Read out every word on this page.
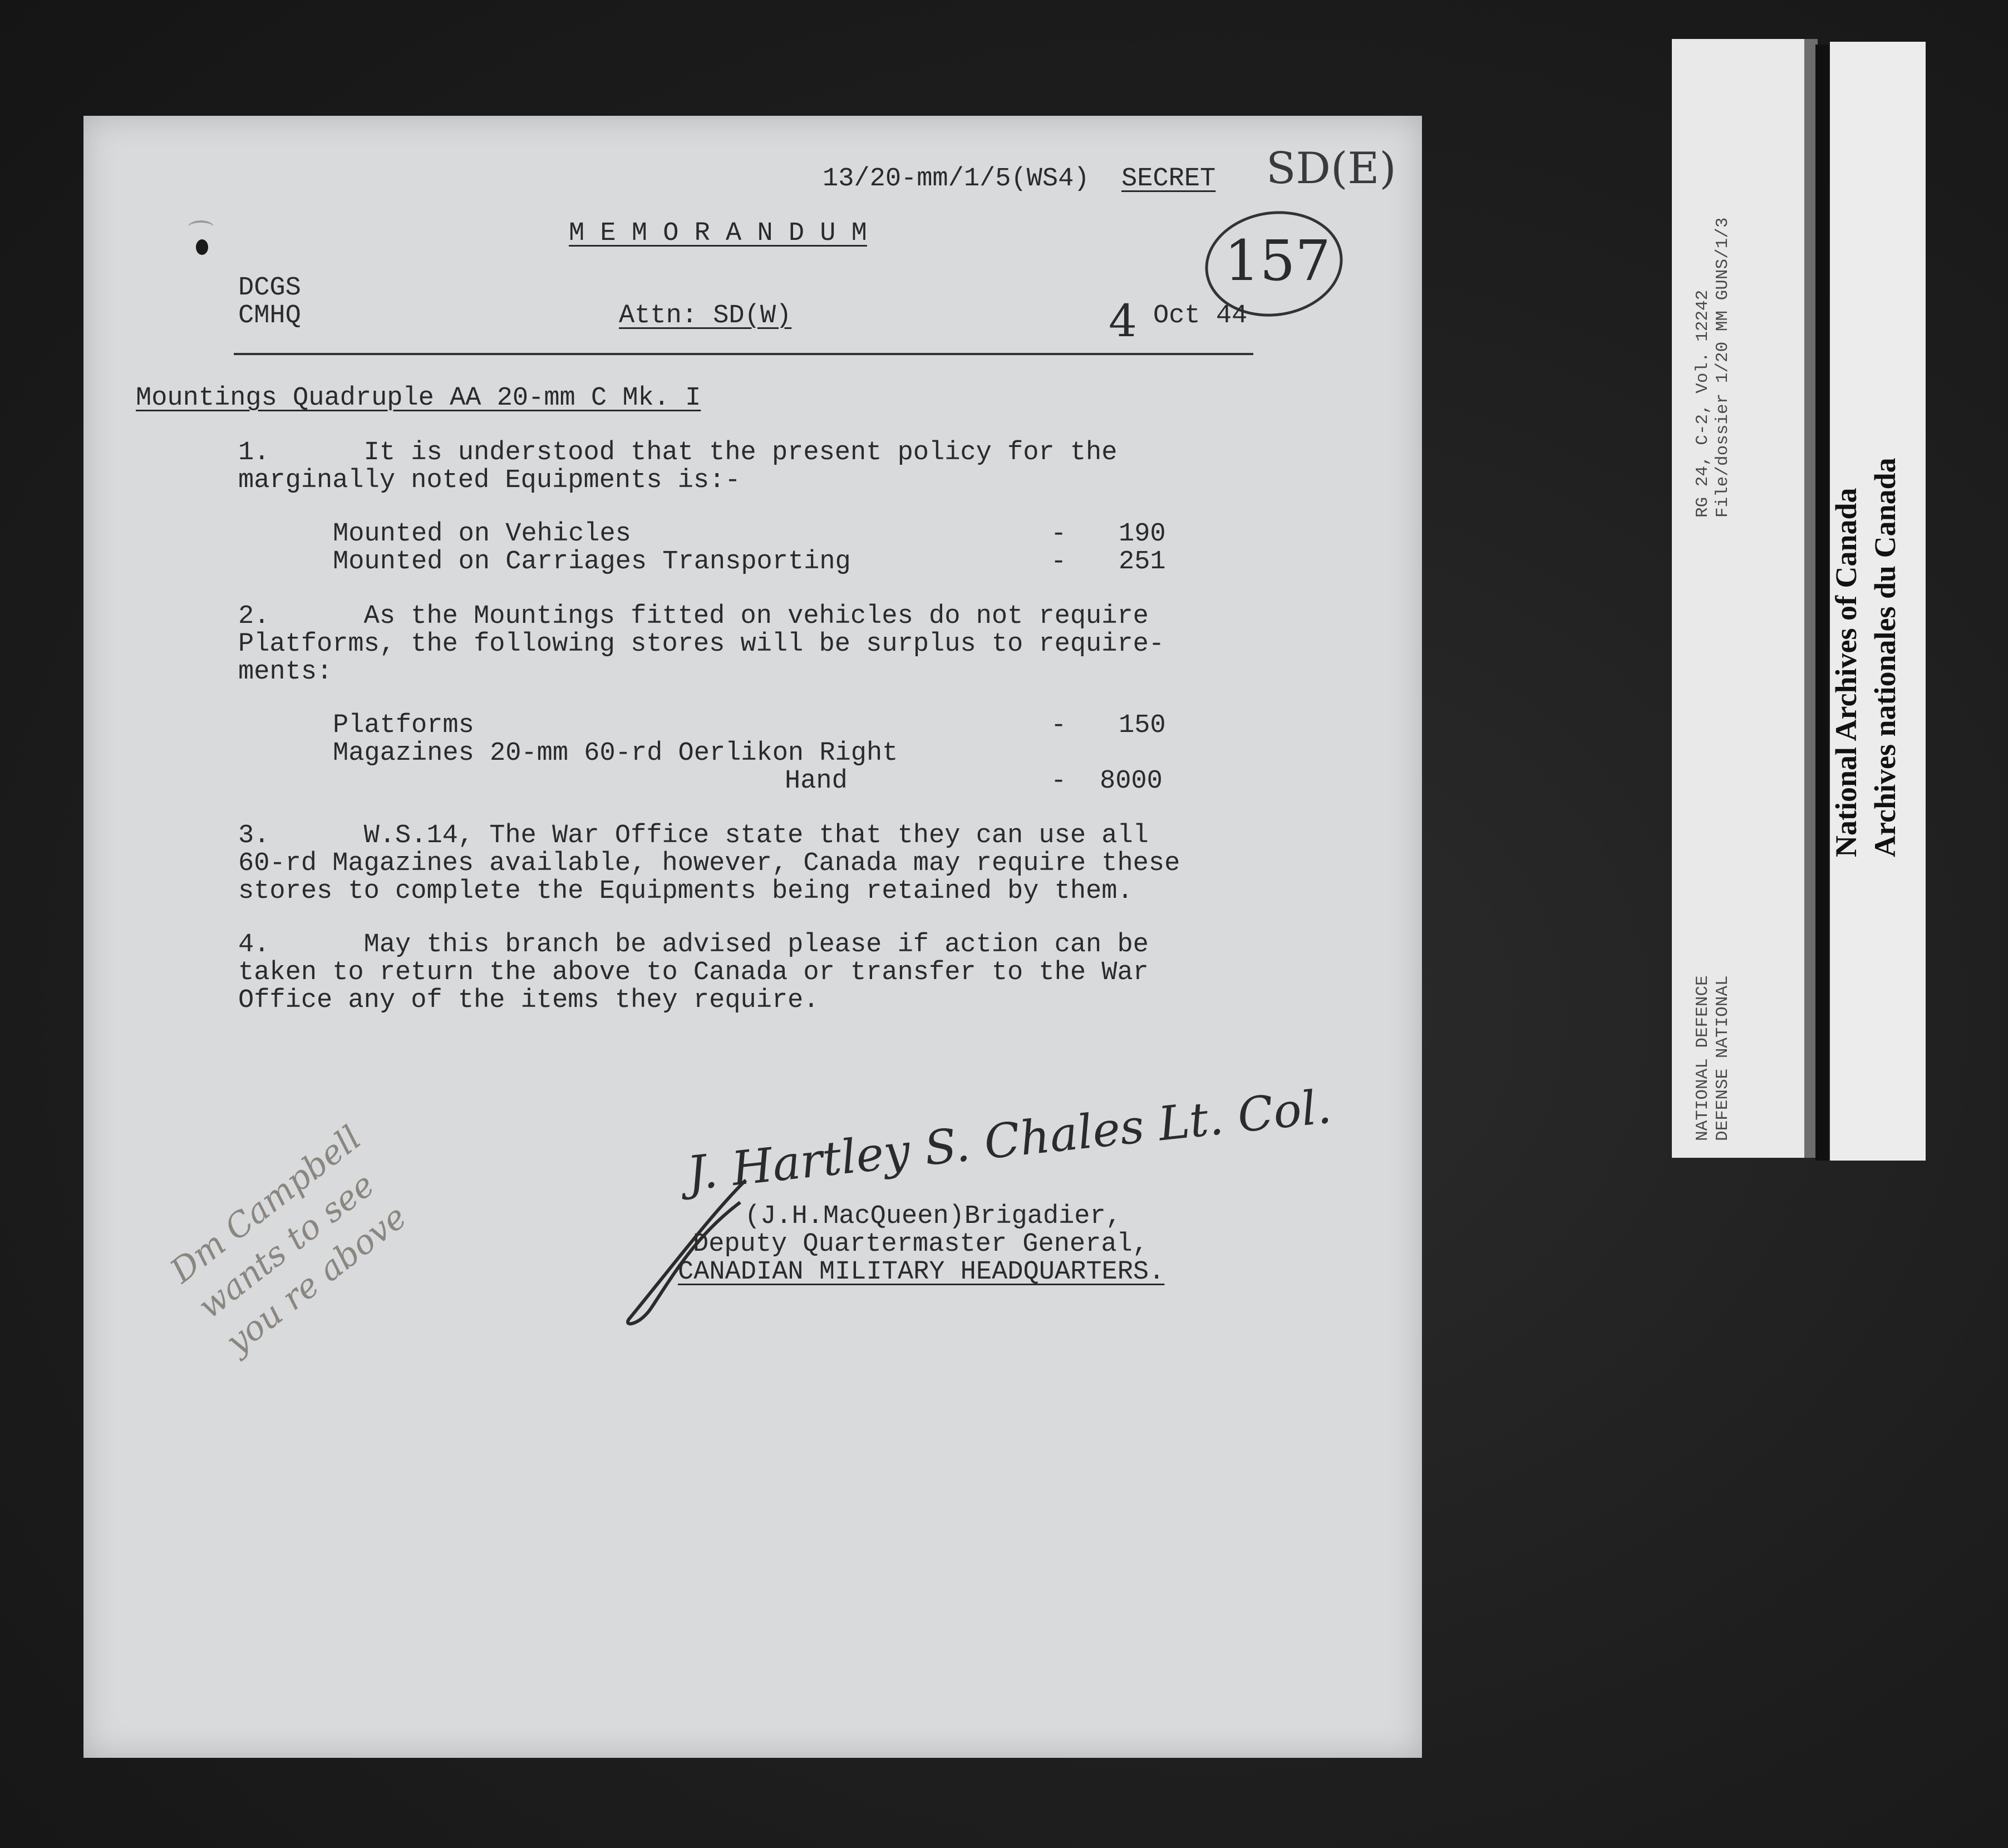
13/20-mm/1/5(WS4) SECRET SD(E)
M E M O R A N D U M	157
DCGS
CMHQ	Attn: SD(W)	4 Oct 44
Mountings Quadruple AA 20-mm C Mk. I
1.      It is understood that the present policy for the
marginally noted Equipments is:-
Mounted on Vehicles	- 190
Mounted on Carriages Transporting	- 251
2.      As the Mountings fitted on vehicles do not require
Platforms, the following stores will be surplus to require-
ments:
Platforms	- 150
Magazines 20-mm 60-rd Oerlikon Right
Hand	- 8000
3.      W.S.14, The War Office state that they can use all
60-rd Magazines available, however, Canada may require these
stores to complete the Equipments being retained by them.
4.      May this branch be advised please if action can be
taken to return the above to Canada or transfer to the War
Office any of the items they require.
J. Hartley S. Chales Lt. Col.
(J.H.MacQueen)Brigadier,
Deputy Quartermaster General,
CANADIAN MILITARY HEADQUARTERS.
Dm Campbell
wants to see
you re above
RG 24, C-2, Vol. 12242 File/dossier 1/20 MM GUNS/1/3
NATIONAL DEFENCE DEFENSE NATIONAL
National Archives of Canada Archives nationales du Canada
